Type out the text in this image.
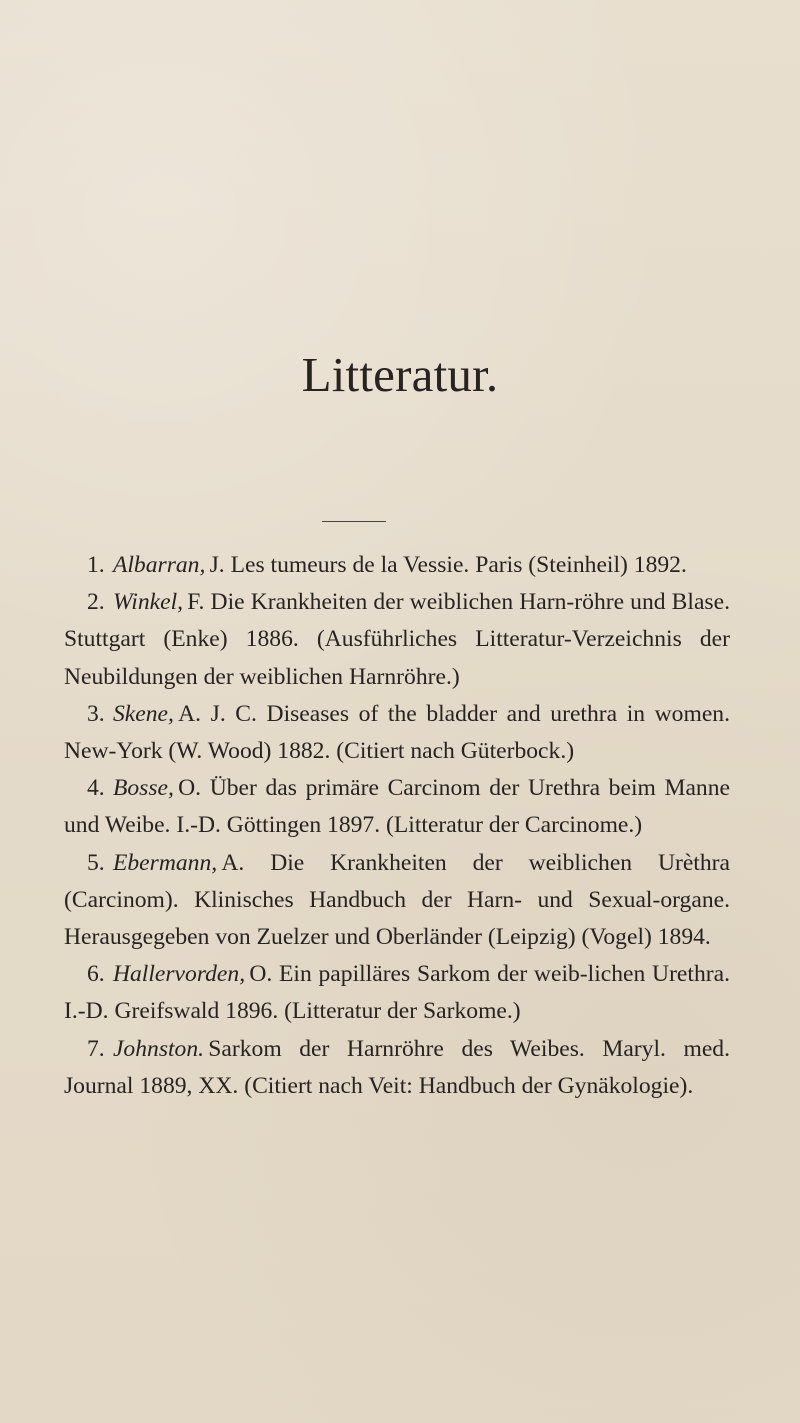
Litteratur.
1. Albarran, J. Les tumeurs de la Vessie. Paris (Steinheil) 1892.
2. Winkel, F. Die Krankheiten der weiblichen Harn-röhre und Blase. Stuttgart (Enke) 1886. (Ausführliches Litteratur-Verzeichnis der Neubildungen der weiblichen Harnröhre.)
3. Skene, A. J. C. Diseases of the bladder and urethra in women. New-York (W. Wood) 1882. (Citiert nach Güterbock.)
4. Bosse, O. Über das primäre Carcinom der Urethra beim Manne und Weibe. I.-D. Göttingen 1897. (Litteratur der Carcinome.)
5. Ebermann, A. Die Krankheiten der weiblichen Urèthra (Carcinom). Klinisches Handbuch der Harn- und Sexual-organe. Herausgegeben von Zuelzer und Oberländer (Leipzig) (Vogel) 1894.
6. Hallervorden, O. Ein papilläres Sarkom der weib-lichen Urethra. I.-D. Greifswald 1896. (Litteratur der Sarkome.)
7. Johnston. Sarkom der Harnröhre des Weibes. Maryl. med. Journal 1889, XX. (Citiert nach Veit: Handbuch der Gynäkologie).
